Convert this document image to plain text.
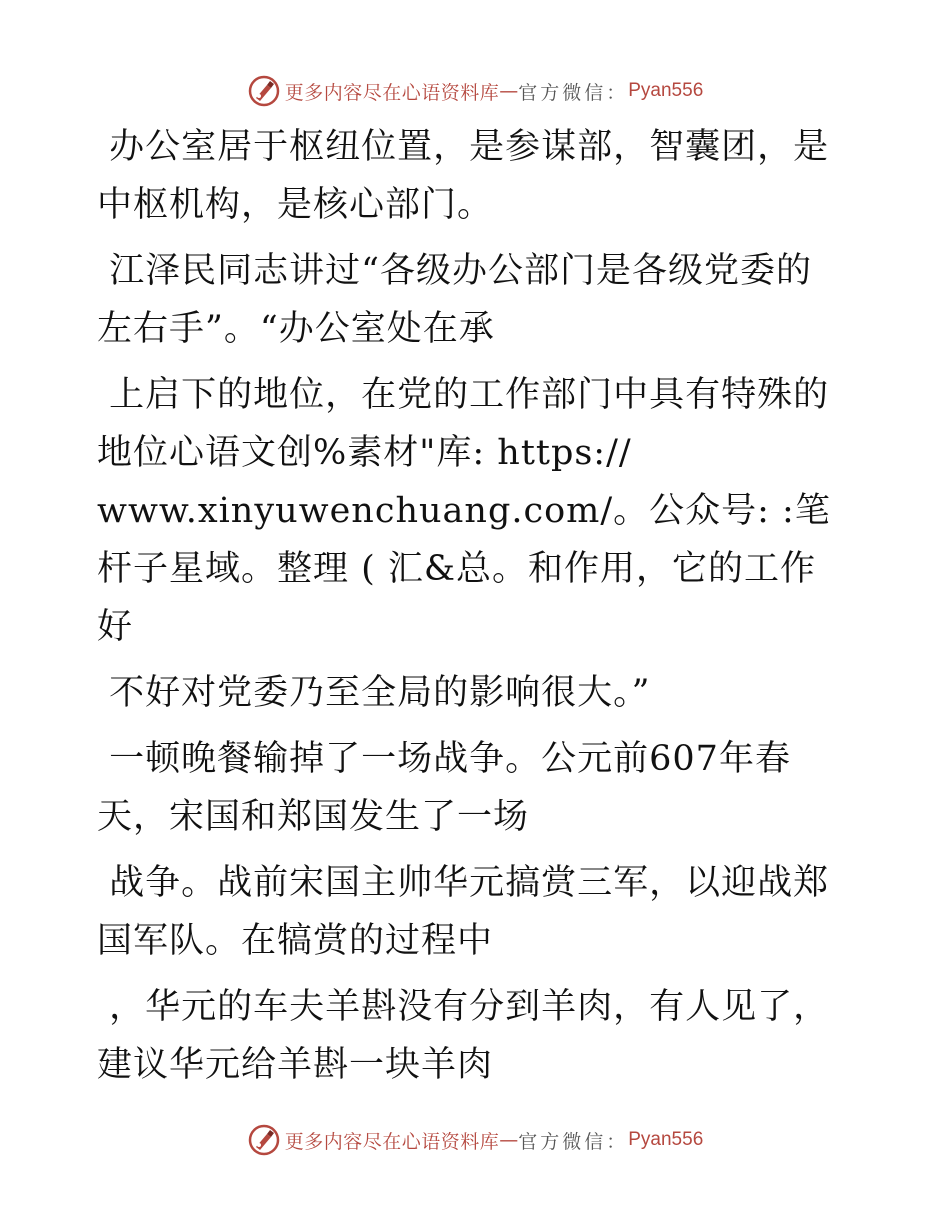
更多内容尽在心语资料库 — 官方微信： Pyan556

办公室居于枢纽位置，是参谋部，智囊团，是中枢机构，是核心部门。

江泽民同志讲过“各级办公部门是各级党委的左右手”。“办公室处在承

上启下的地位，在党的工作部门中具有特殊的地位心语文创%素材"库: https://
www.xinyuwenchuang.com/。公众号: :笔杆子星域。整理 ( 汇&总。和作用，它的工作好

不好对党委乃至全局的影响很大。”

一顿晚餐输掉了一场战争。公元前607年春天，宋国和郑国发生了一场

战争。战前宋国主帅华元搞赏三军，以迎战郑国军队。在犒赏的过程中

，华元的车夫羊斟没有分到羊肉，有人见了，建议华元给羊斟一块羊肉

更多内容尽在心语资料库 — 官方微信： Pyan556
